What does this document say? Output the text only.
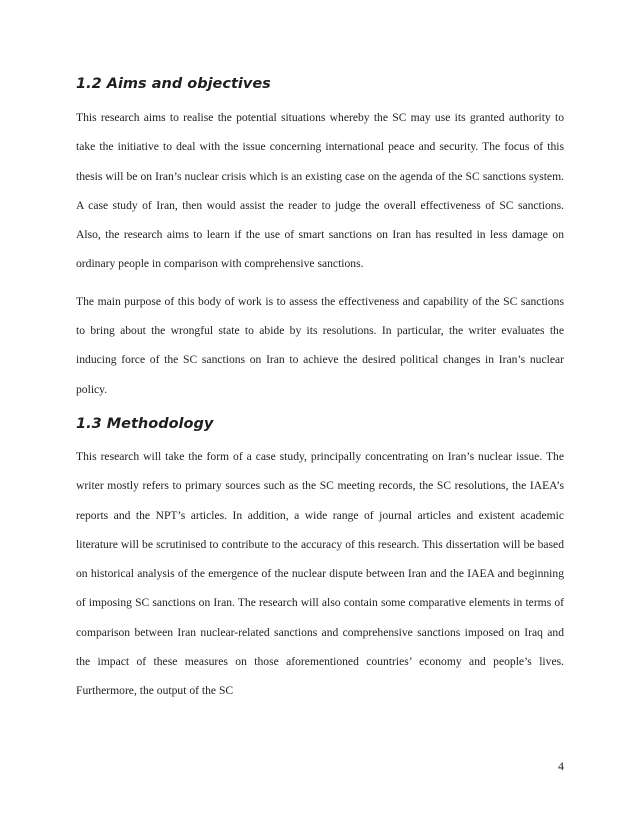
1.2 Aims and objectives

This research aims to realise the potential situations whereby the SC may use its granted authority to take the initiative to deal with the issue concerning international peace and security. The focus of this thesis will be on Iran’s nuclear crisis which is an existing case on the agenda of the SC sanctions system. A case study of Iran, then would assist the reader to judge the overall effectiveness of SC sanctions. Also, the research aims to learn if the use of smart sanctions on Iran has resulted in less damage on ordinary people in comparison with comprehensive sanctions.

The main purpose of this body of work is to assess the effectiveness and capability of the SC sanctions to bring about the wrongful state to abide by its resolutions. In particular, the writer evaluates the inducing force of the SC sanctions on Iran to achieve the desired political changes in Iran’s nuclear policy.

1.3 Methodology

This research will take the form of a case study, principally concentrating on Iran’s nuclear issue. The writer mostly refers to primary sources such as the SC meeting records, the SC resolutions, the IAEA’s reports and the NPT’s articles. In addition, a wide range of journal articles and existent academic literature will be scrutinised to contribute to the accuracy of this research. This dissertation will be based on historical analysis of the emergence of the nuclear dispute between Iran and the IAEA and beginning of imposing SC sanctions on Iran. The research will also contain some comparative elements in terms of comparison between Iran nuclear-related sanctions and comprehensive sanctions imposed on Iraq and the impact of these measures on those aforementioned countries’ economy and people’s lives. Furthermore, the output of the SC

4
